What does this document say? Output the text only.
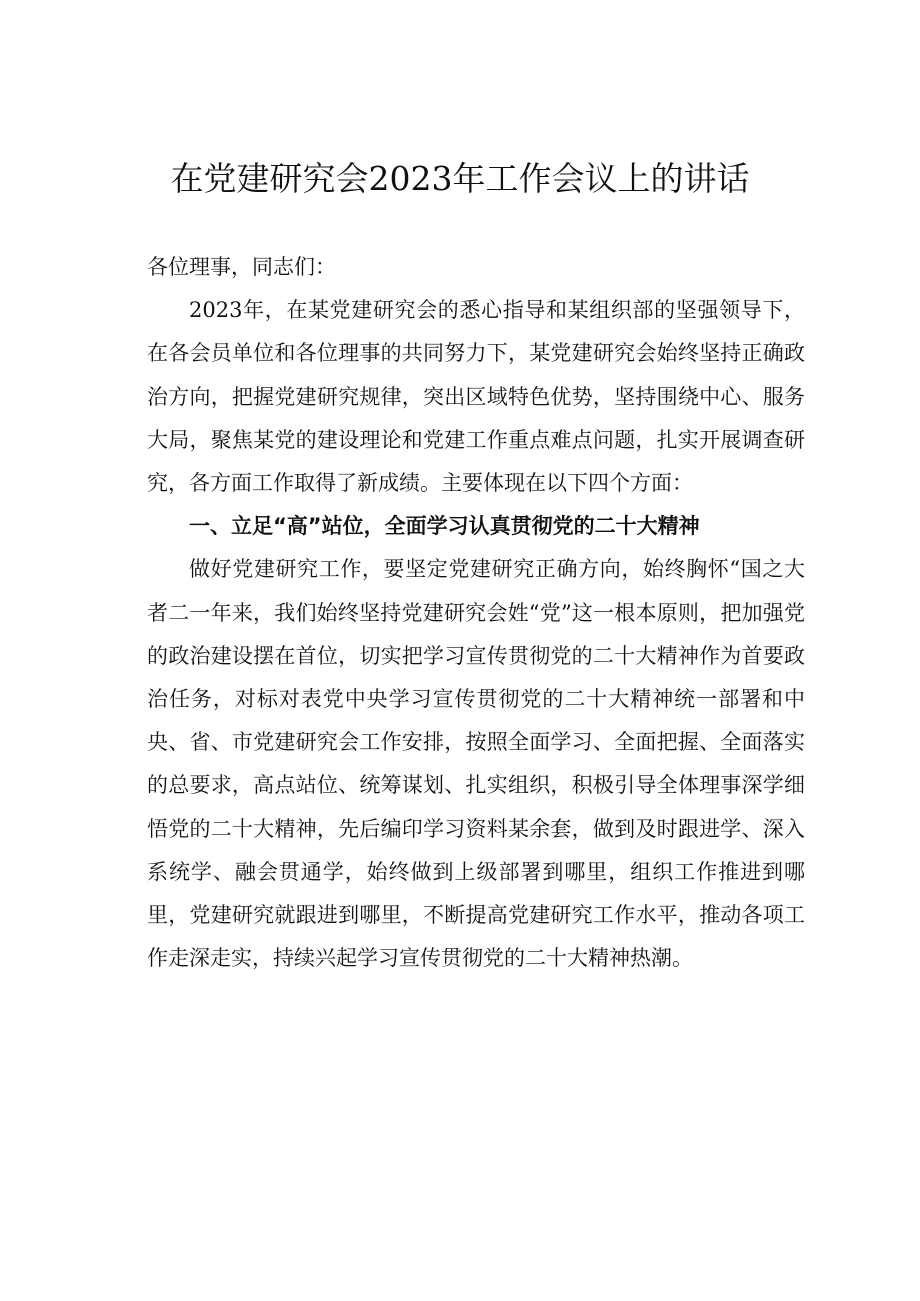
在党建研究会2023年工作会议上的讲话

各位理事，同志们：

2023年，在某党建研究会的悉心指导和某组织部的坚强领导下，在各会员单位和各位理事的共同努力下，某党建研究会始终坚持正确政治方向，把握党建研究规律，突出区域特色优势，坚持围绕中心、服务大局，聚焦某党的建设理论和党建工作重点难点问题，扎实开展调查研究，各方面工作取得了新成绩。主要体现在以下四个方面：

一、立足“高”站位，全面学习认真贯彻党的二十大精神

做好党建研究工作，要坚定党建研究正确方向，始终胸怀“国之大者二一年来，我们始终坚持党建研究会姓“党”这一根本原则，把加强党的政治建设摆在首位，切实把学习宣传贯彻党的二十大精神作为首要政治任务，对标对表党中央学习宣传贯彻党的二十大精神统一部署和中央、省、市党建研究会工作安排，按照全面学习、全面把握、全面落实的总要求，高点站位、统筹谋划、扎实组织，积极引导全体理事深学细悟党的二十大精神，先后编印学习资料某余套，做到及时跟进学、深入系统学、融会贯通学，始终做到上级部署到哪里，组织工作推进到哪里，党建研究就跟进到哪里，不断提高党建研究工作水平，推动各项工作走深走实，持续兴起学习宣传贯彻党的二十大精神热潮。
